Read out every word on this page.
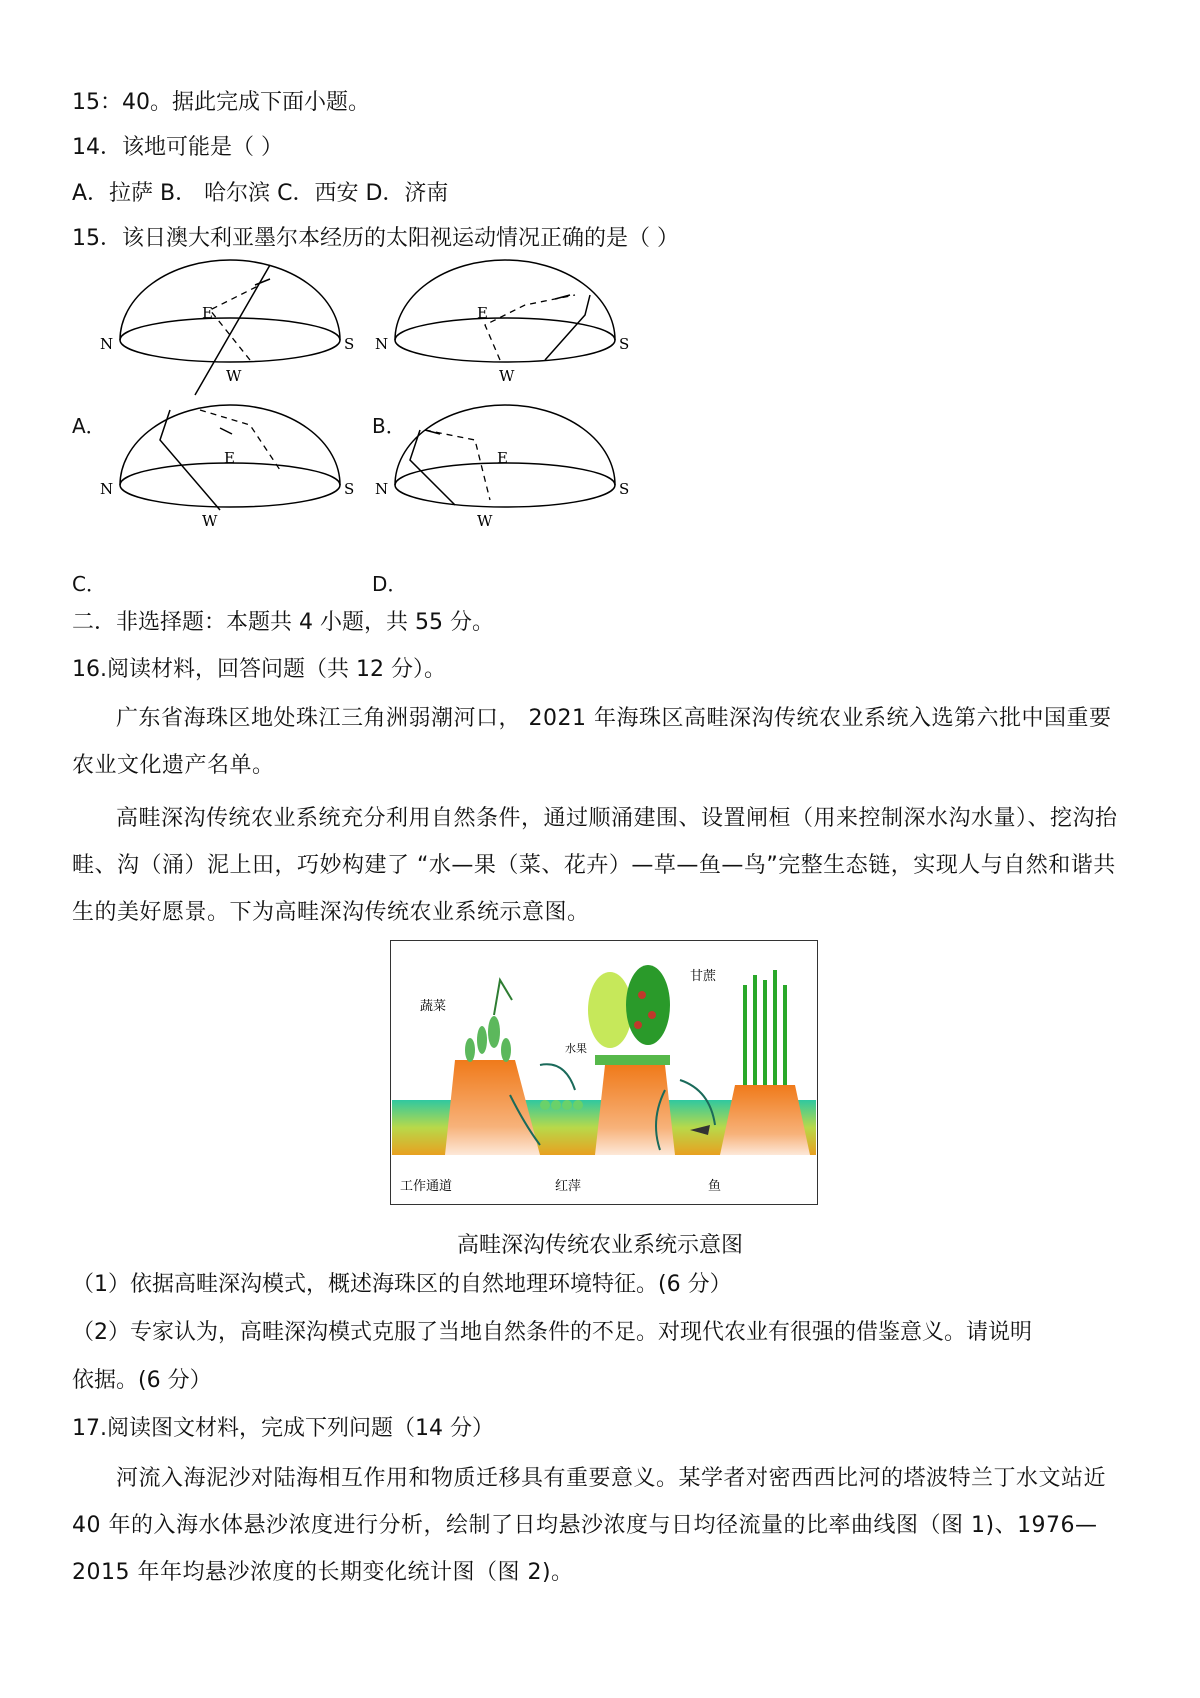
15：40。据此完成下面小题。
14．该地可能是（ ）
A．拉萨 B． 哈尔滨 C．西安 D．济南
15．该日澳大利亚墨尔本经历的太阳视运动情况正确的是（ ）
N	S
E
W
N	S
E
W
N	S
E
W
N	S
E
W
A．	B．
C．	D．
二．非选择题：本题共 4 小题，共 55 分。
16.阅读材料，回答问题（共 12 分）。
广东省海珠区地处珠江三角洲弱潮河口， 2021 年海珠区高畦深沟传统农业系统入选第六批中国重要农业文化遗产名单。
高畦深沟传统农业系统充分利用自然条件，通过顺涌建围、设置闸桓（用来控制深水沟水量）、挖沟抬畦、沟（涌）泥上田，巧妙构建了 “水—果（菜、花卉）—草—鱼—鸟”完整生态链，实现人与自然和谐共生的美好愿景。下为高畦深沟传统农业系统示意图。
蔬菜
水果
甘蔗
工作通道	红萍	鱼
高畦深沟传统农业系统示意图
（1）依据高畦深沟模式，概述海珠区的自然地理环境特征。(6 分）
（2）专家认为，高畦深沟模式克服了当地自然条件的不足。对现代农业有很强的借鉴意义。请说明
依据。(6 分）
17.阅读图文材料，完成下列问题（14 分）
河流入海泥沙对陆海相互作用和物质迁移具有重要意义。某学者对密西西比河的塔波特兰丁水文站近 40 年的入海水体悬沙浓度进行分析，绘制了日均悬沙浓度与日均径流量的比率曲线图（图 1)、1976—2015 年年均悬沙浓度的长期变化统计图（图 2)。
